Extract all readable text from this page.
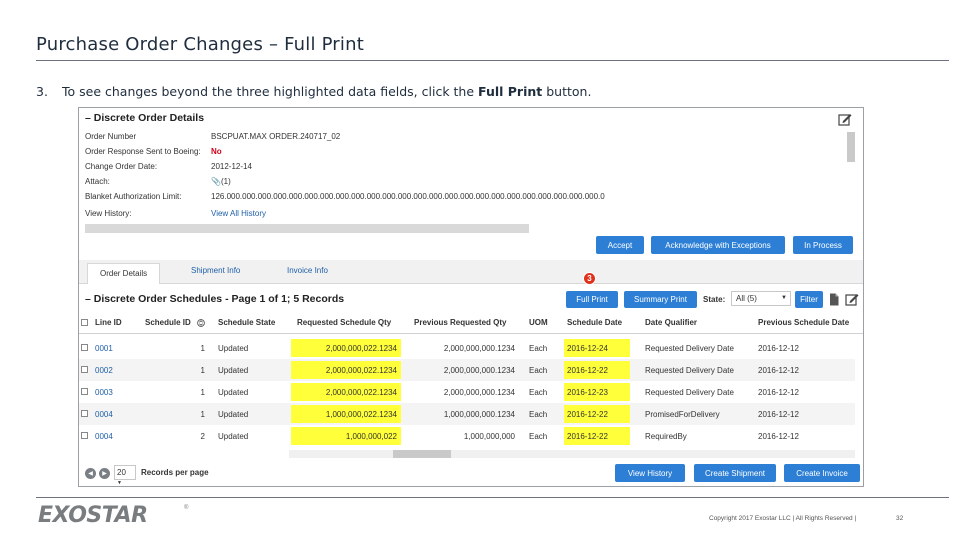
Purchase Order Changes – Full Print
3. To see changes beyond the three highlighted data fields, click the Full Print button.
– Discrete Order Details
Order Number	BSCPUAT.MAX ORDER.240717_02
Order Response Sent to Boeing: No
Change Order Date:	2012-12-14
Attach:	📎(1)
Blanket Authorization Limit:	126.000.000.000.000.000.000.000.000.000.000.000.000.000.000.000.000.000.000.000.000.000.000.000.000.0
View History:	View All History
Accept	Acknowledge with Exceptions	In Process
Order Details	Shipment Info	Invoice Info
3
– Discrete Order Schedules - Page 1 of 1; 5 Records	Full Print	Summary Print	State:	All (5)	▼	Filter
Line ID	Schedule ID	Schedule State	Requested Schedule Qty	Previous Requested Qty	UOM Schedule Date	Date Qualifier	Previous Schedule Date
0001	1 Updated	2,000,000,022.1234	2,000,000,000.1234 Each 2016-12-24	Requested Delivery Date	2016-12-12
0002	1 Updated	2,000,000,022.1234	2,000,000,000.1234 Each 2016-12-22	Requested Delivery Date	2016-12-12
0003	1 Updated	2,000,000,022.1234	2,000,000,000.1234 Each 2016-12-23	Requested Delivery Date	2016-12-12
0004	1 Updated	1,000,000,022.1234	1,000,000,000.1234 Each 2016-12-22	PromisedForDelivery	2016-12-12
0004	2 Updated	1,000,000,022	1,000,000,000 Each 2016-12-22	RequiredBy	2016-12-12
◀	▶	20 ▼
Records per page	View History	Create Shipment	Create Invoice
EXOSTAR	®
Copyright 2017 Exostar LLC | All Rights Reserved |	32
